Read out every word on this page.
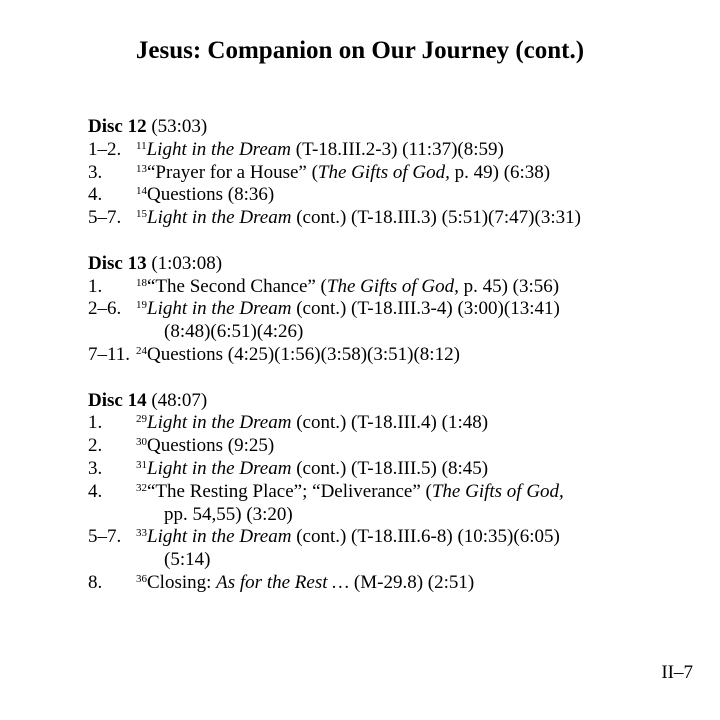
Jesus: Companion on Our Journey (cont.)
Disc 12 (53:03)
1–2.	$^{11}$Light in the Dream (T-18.III.2-3) (11:37)(8:59)
3.	$^{13}$“Prayer for a House” (The Gifts of God, p. 49) (6:38)
4.	$^{14}$Questions (8:36)
5–7.	$^{15}$Light in the Dream (cont.) (T-18.III.3) (5:51)(7:47)(3:31)
Disc 13 (1:03:08)
1.	$^{18}$“The Second Chance” (The Gifts of God, p. 45) (3:56)
2–6.	$^{19}$Light in the Dream (cont.) (T-18.III.3-4) (3:00)(13:41)
(8:48)(6:51)(4:26)
7–11. $^{24}$Questions (4:25)(1:56)(3:58)(3:51)(8:12)
Disc 14 (48:07)
1.	$^{29}$Light in the Dream (cont.) (T-18.III.4) (1:48)
2.	$^{30}$Questions (9:25)
3.	$^{31}$Light in the Dream (cont.) (T-18.III.5) (8:45)
4.	$^{32}$“The Resting Place”; “Deliverance” (The Gifts of God,
pp. 54,55) (3:20)
5–7.	$^{33}$Light in the Dream (cont.) (T-18.III.6-8) (10:35)(6:05)
(5:14)
8.	$^{36}$Closing: As for the Rest … (M-29.8) (2:51)
II–7
